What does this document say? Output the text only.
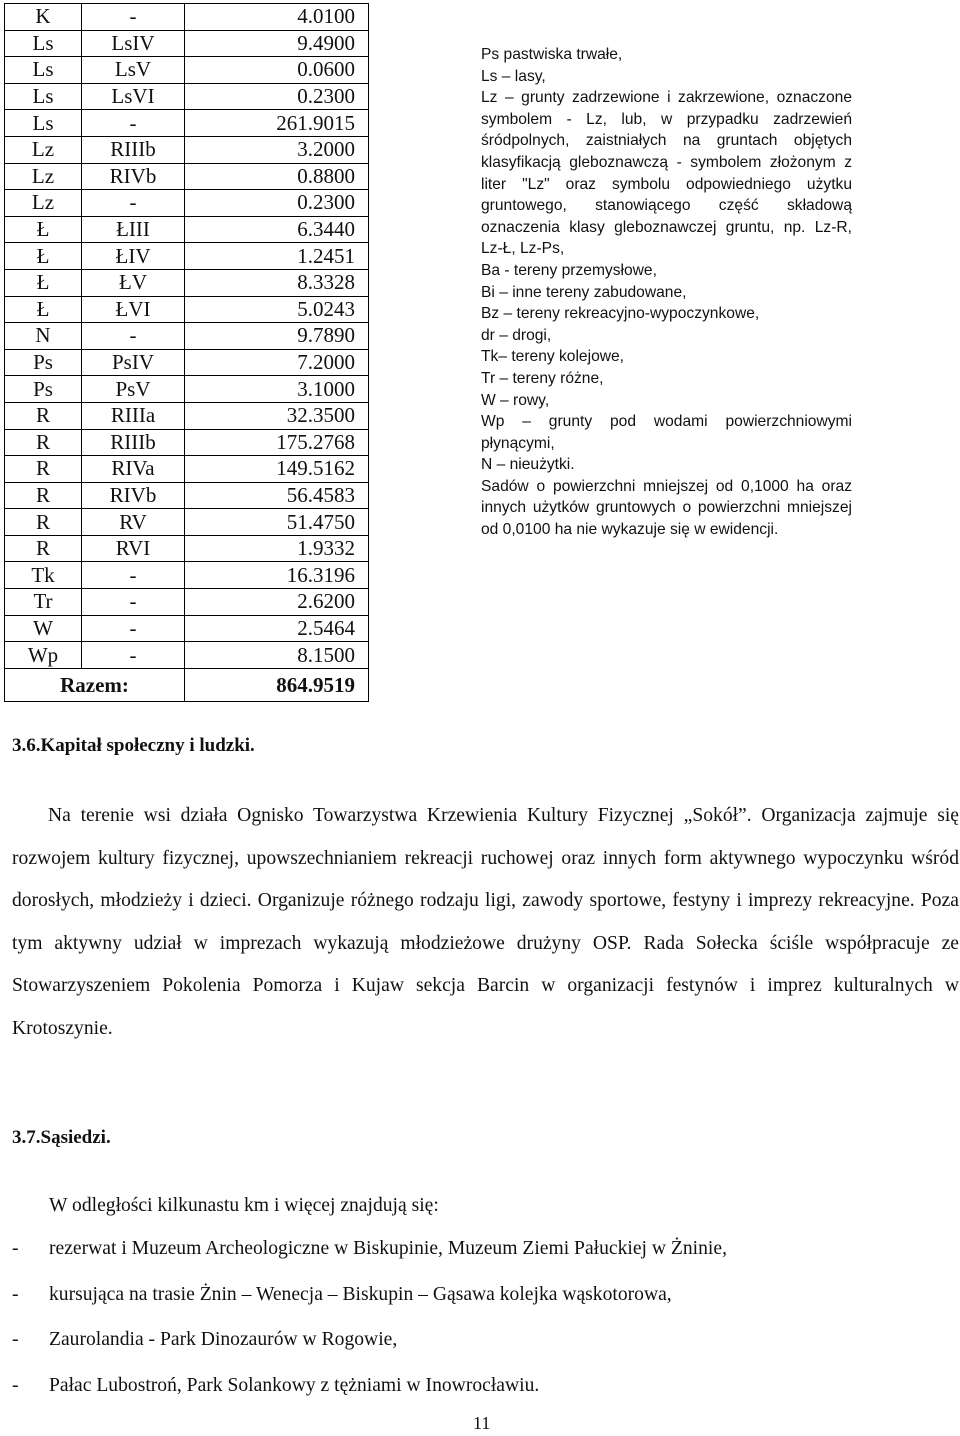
K	-	4.0100
Ls	LsIV	9.4900
Ls	LsV	0.0600
Ls	LsVI	0.2300
Ls	-	261.9015
Lz	RIIIb	3.2000
Lz	RIVb	0.8800
Lz	-	0.2300
Ł	ŁIII	6.3440
Ł	ŁIV	1.2451
Ł	ŁV	8.3328
Ł	ŁVI	5.0243
N	-	9.7890
Ps	PsIV	7.2000
Ps	PsV	3.1000
R	RIIIa	32.3500
R	RIIIb	175.2768
R	RIVa	149.5162
R	RIVb	56.4583
R	RV	51.4750
R	RVI	1.9332
Tk	-	16.3196
Tr	-	2.6200
W	-	2.5464
Wp	-	8.1500
Razem:		864.9519
Ps pastwiska trwałe,
Ls – lasy,
Lz – grunty zadrzewione i zakrzewione, oznaczone symbolem - Lz, lub, w przypadku zadrzewień śródpolnych, zaistniałych na gruntach objętych klasyfikacją gleboznawczą - symbolem złożonym z liter "Lz" oraz symbolu odpowiedniego użytku gruntowego, stanowiącego część składową oznaczenia klasy gleboznawczej gruntu, np. Lz-R, Lz-Ł, Lz-Ps,
Ba - tereny przemysłowe,
Bi – inne tereny zabudowane,
Bz – tereny rekreacyjno-wypoczynkowe,
dr – drogi,
Tk– tereny kolejowe,
Tr – tereny różne,
W – rowy,
Wp – grunty pod wodami powierzchniowymi płynącymi,
N – nieużytki.
Sadów o powierzchni mniejszej od 0,1000 ha oraz innych użytków gruntowych o powierzchni mniejszej od 0,0100 ha nie wykazuje się w ewidencji.
3.6.Kapitał społeczny i ludzki.

Na terenie wsi działa Ognisko Towarzystwa Krzewienia Kultury Fizycznej „Sokół”. Organizacja zajmuje się rozwojem kultury fizycznej, upowszechnianiem rekreacji ruchowej oraz innych form aktywnego wypoczynku wśród dorosłych, młodzieży i dzieci. Organizuje różnego rodzaju ligi, zawody sportowe, festyny i imprezy rekreacyjne. Poza tym aktywny udział w imprezach wykazują młodzieżowe drużyny OSP. Rada Sołecka ściśle współpracuje ze Stowarzyszeniem Pokolenia Pomorza i Kujaw sekcja Barcin w organizacji festynów i imprez kulturalnych w Krotoszynie.

3.7.Sąsiedzi.

W odległości kilkunastu km i więcej znajdują się:

- rezerwat i Muzeum Archeologiczne w Biskupinie, Muzeum Ziemi Pałuckiej w Żninie,
- kursująca na trasie Żnin – Wenecja – Biskupin – Gąsawa kolejka wąskotorowa,
- Zaurolandia - Park Dinozaurów w Rogowie,
- Pałac Lubostroń, Park Solankowy z tężniami w Inowrocławiu.
11
